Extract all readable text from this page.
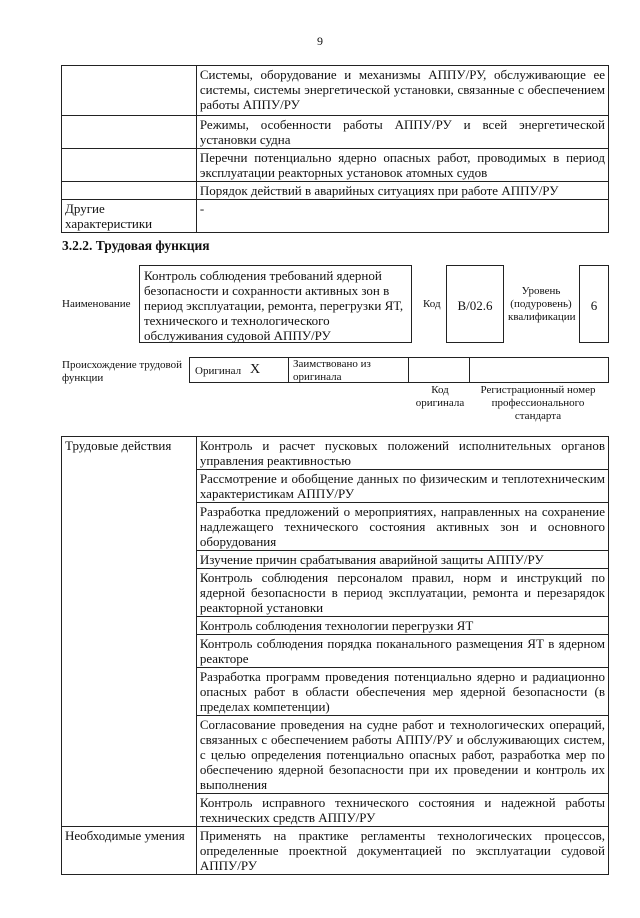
9
	Системы, оборудование и механизмы АППУ/РУ, обслуживающие ее системы, системы энергетической установки, связанные с обеспечением работы АППУ/РУ
	Режимы, особенности работы АППУ/РУ и всей энергетической установки судна
	Перечни потенциально ядерно опасных работ, проводимых в период эксплуатации реакторных установок атомных судов
	Порядок действий в аварийных ситуациях при работе АППУ/РУ
Другие характеристики	-
3.2.2. Трудовая функция
Наименование
Контроль соблюдения требований ядерной безопасности и сохранности активных зон в период эксплуатации, ремонта, перегрузки ЯТ, технического и технологического обслуживания судовой АППУ/РУ
Код	B/02.6
Уровень (подуровень) квалификации
6
Происхождение трудовой функции
Оригинал X	Заимствовано из оригинала
Код оригинала
Регистрационный номер профессионального стандарта
Трудовые действия	Контроль и расчет пусковых положений исполнительных органов управления реактивностью
	Рассмотрение и обобщение данных по физическим и теплотехническим характеристикам АППУ/РУ
	Разработка предложений о мероприятиях, направленных на сохранение надлежащего технического состояния активных зон и основного оборудования
	Изучение причин срабатывания аварийной защиты АППУ/РУ
	Контроль соблюдения персоналом правил, норм и инструкций по ядерной безопасности в период эксплуатации, ремонта и перезарядок реакторной установки
	Контроль соблюдения технологии перегрузки ЯТ
	Контроль соблюдения порядка поканального размещения ЯТ в ядерном реакторе
	Разработка программ проведения потенциально ядерно и радиационно опасных работ в области обеспечения мер ядерной безопасности (в пределах компетенции)
	Согласование проведения на судне работ и технологических операций, связанных с обеспечением работы АППУ/РУ и обслуживающих систем, с целью определения потенциально опасных работ, разработка мер по обеспечению ядерной безопасности при их проведении и контроль их выполнения
	Контроль исправного технического состояния и надежной работы технических средств АППУ/РУ
Необходимые умения	Применять на практике регламенты технологических процессов, определенные проектной документацией по эксплуатации судовой АППУ/РУ
